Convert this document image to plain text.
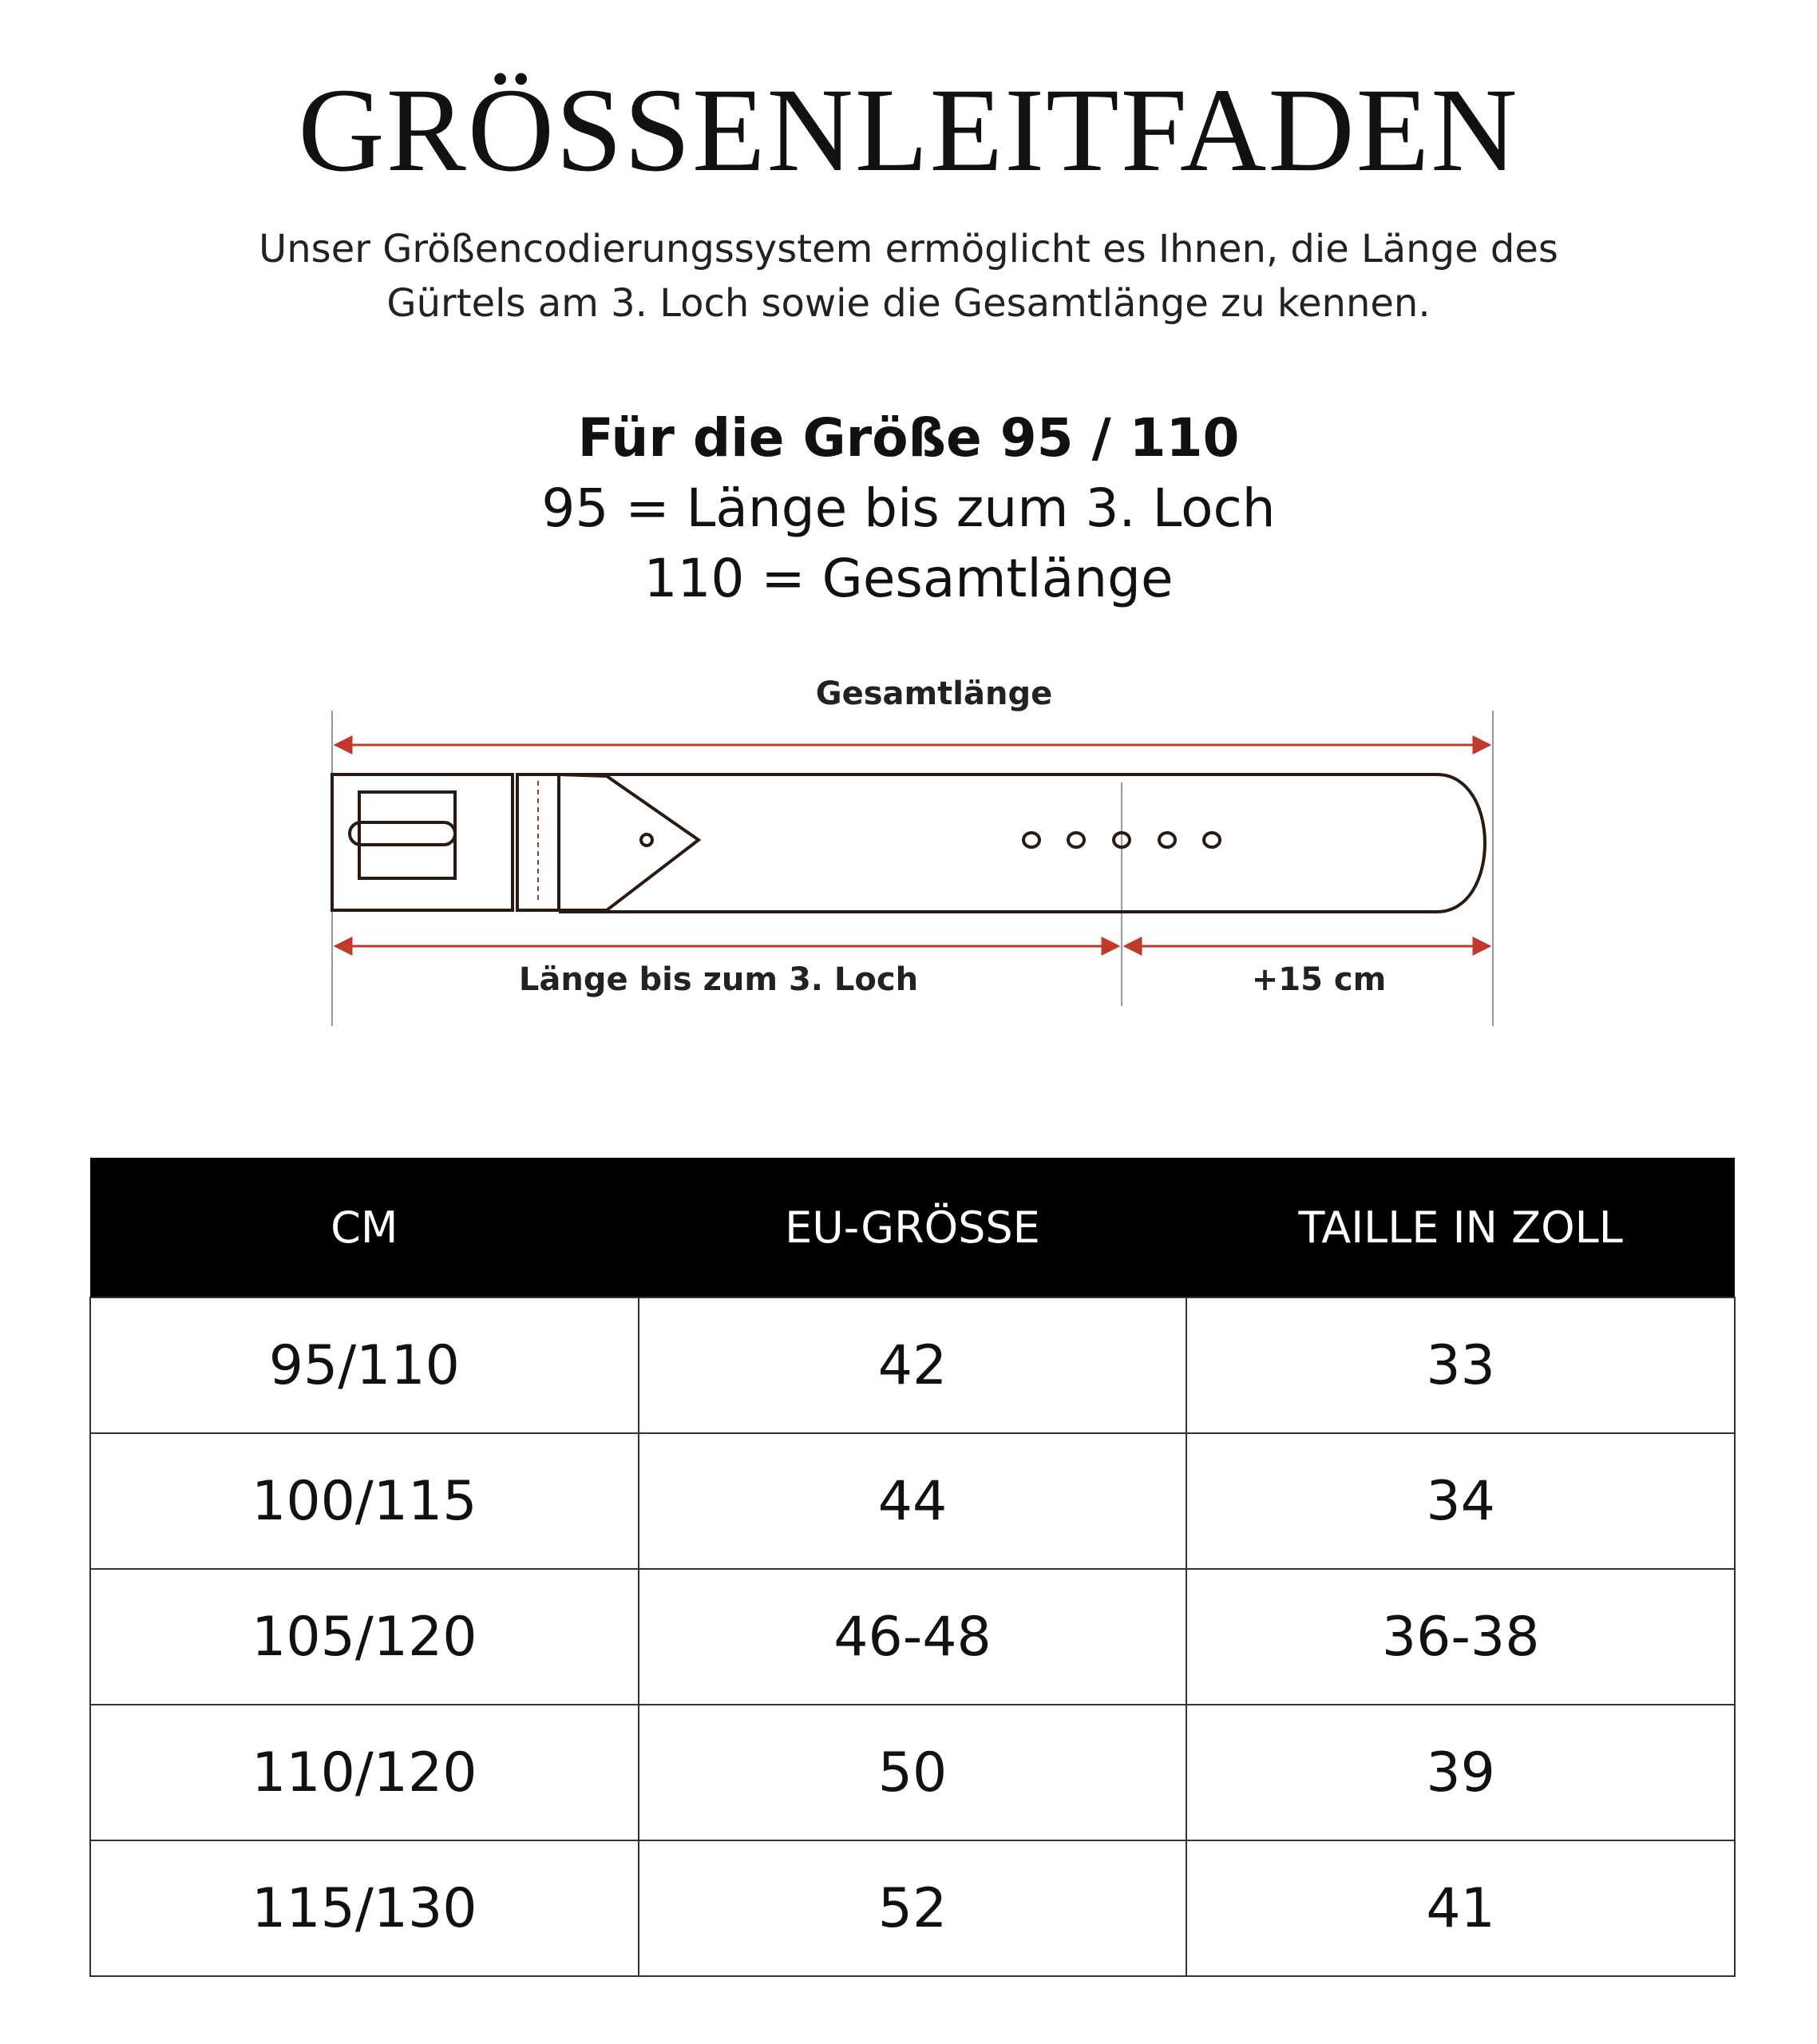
GRÖSSENLEITFADEN
Unser Größencodierungssystem ermöglicht es Ihnen, die Länge des
Gürtels am 3. Loch sowie die Gesamtlänge zu kennen.
Für die Größe 95 / 110
95 = Länge bis zum 3. Loch
110 = Gesamtlänge
Gesamtlänge
Länge bis zum 3. Loch	+15 cm
CM	EU-GRÖSSE	TAILLE IN ZOLL
95/110	42	33
100/115	44	34
105/120	46-48	36-38
110/120	50	39
115/130	52	41
